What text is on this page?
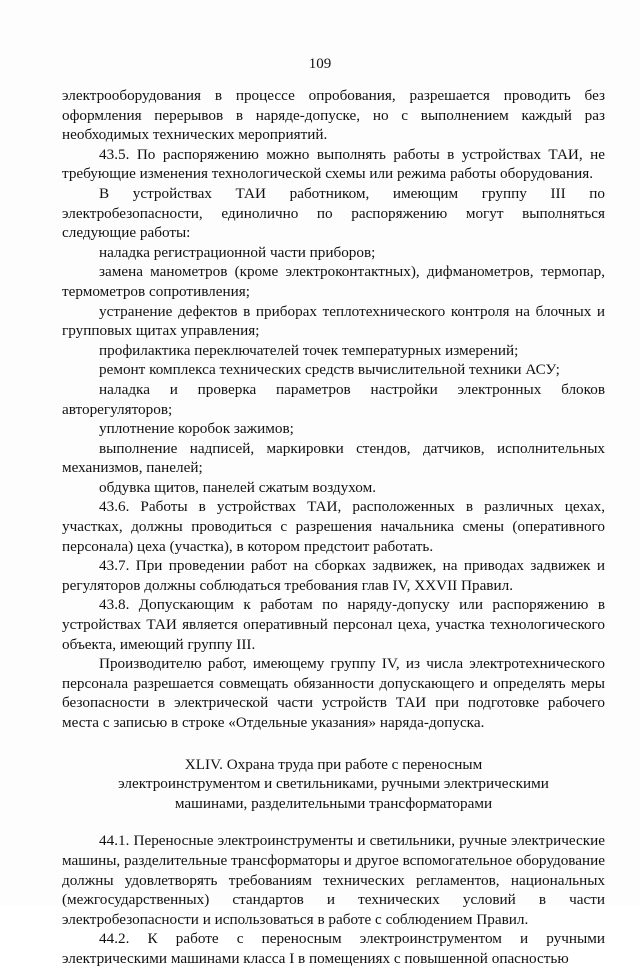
109

электрооборудования в процессе опробования, разрешается проводить без оформления перерывов в наряде-допуске, но с выполнением каждый раз необходимых технических мероприятий.

43.5. По распоряжению можно выполнять работы в устройствах ТАИ, не требующие изменения технологической схемы или режима работы оборудования.

В устройствах ТАИ работником, имеющим группу III по электробезопасности, единолично по распоряжению могут выполняться следующие работы:

наладка регистрационной части приборов;

замена манометров (кроме электроконтактных), дифманометров, термопар, термометров сопротивления;

устранение дефектов в приборах теплотехнического контроля на блочных и групповых щитах управления;

профилактика переключателей точек температурных измерений;

ремонт комплекса технических средств вычислительной техники АСУ;

наладка и проверка параметров настройки электронных блоков авторегуляторов;

уплотнение коробок зажимов;

выполнение надписей, маркировки стендов, датчиков, исполнительных механизмов, панелей;

обдувка щитов, панелей сжатым воздухом.

43.6. Работы в устройствах ТАИ, расположенных в различных цехах, участках, должны проводиться с разрешения начальника смены (оперативного персонала) цеха (участка), в котором предстоит работать.

43.7. При проведении работ на сборках задвижек, на приводах задвижек и регуляторов должны соблюдаться требования глав IV, XXVII Правил.

43.8. Допускающим к работам по наряду-допуску или распоряжению в устройствах ТАИ является оперативный персонал цеха, участка технологического объекта, имеющий группу III.

Производителю работ, имеющему группу IV, из числа электротехнического персонала разрешается совмещать обязанности допускающего и определять меры безопасности в электрической части устройств ТАИ при подготовке рабочего места с записью в строке «Отдельные указания» наряда-допуска.

XLIV. Охрана труда при работе с переносным
электроинструментом и светильниками, ручными электрическими
машинами, разделительными трансформаторами

44.1. Переносные электроинструменты и светильники, ручные электрические машины, разделительные трансформаторы и другое вспомогательное оборудование должны удовлетворять требованиям технических регламентов, национальных (межгосударственных) стандартов и технических условий в части электробезопасности и использоваться в работе с соблюдением Правил.

44.2. К работе с переносным электроинструментом и ручными электрическими машинами класса I в помещениях с повышенной опасностью
